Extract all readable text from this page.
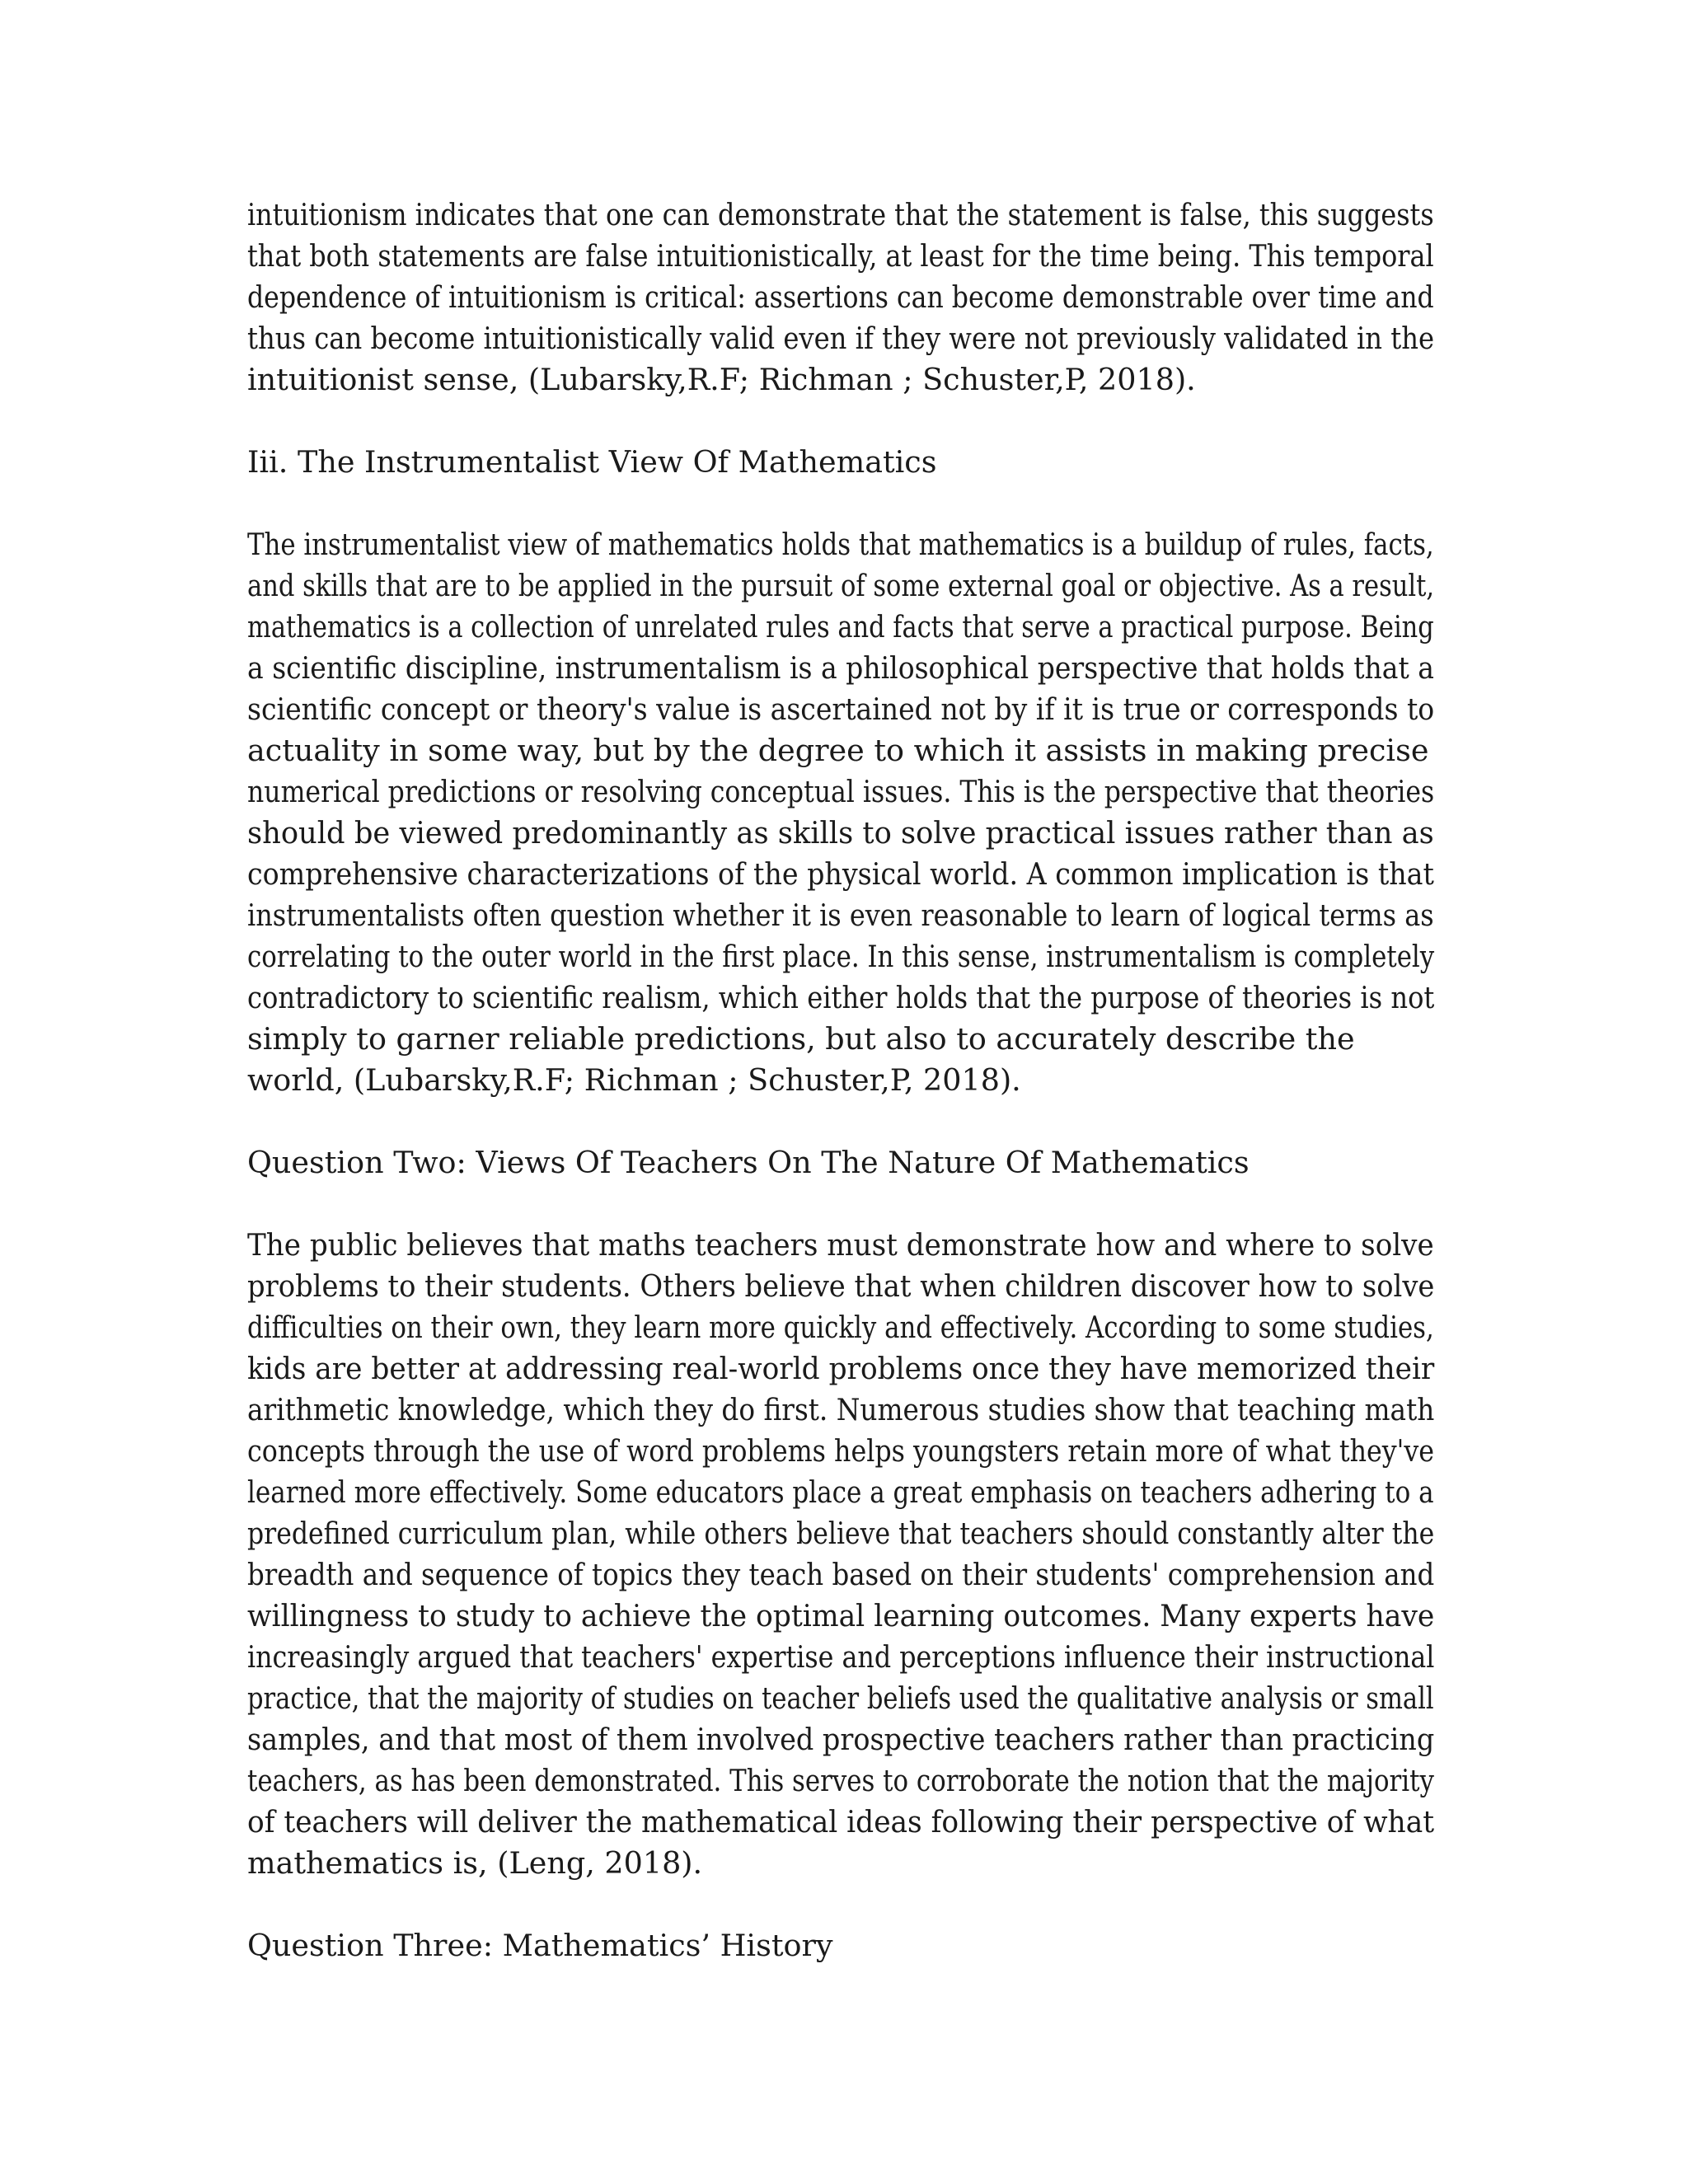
intuitionism indicates that one can demonstrate that the statement is false, this suggeststhat both statements are false intuitionistically, at least for the time being. This temporaldependence of intuitionism is critical: assertions can become demonstrable over time andthus can become intuitionistically valid even if they were not previously validated in the
intuitionist sense, (Lubarsky,R.F; Richman ; Schuster,P, 2018).
Iii. The Instrumentalist View Of Mathematics
The instrumentalist view of mathematics holds that mathematics is a buildup of rules, facts,and skills that are to be applied in the pursuit of some external goal or objective. As a result,mathematics is a collection of unrelated rules and facts that serve a practical purpose. Beinga scientific discipline, instrumentalism is a philosophical perspective that holds that ascientific concept or theory's value is ascertained not by if it is true or corresponds to
actuality in some way, but by the degree to which it assists in making precise
numerical predictions or resolving conceptual issues. This is the perspective that theoriesshould be viewed predominantly as skills to solve practical issues rather than ascomprehensive characterizations of the physical world. A common implication is thatinstrumentalists often question whether it is even reasonable to learn of logical terms ascorrelating to the outer world in the first place. In this sense, instrumentalism is completelycontradictory to scientific realism, which either holds that the purpose of theories is not
simply to garner reliable predictions, but also to accurately describe the
world, (Lubarsky,R.F; Richman ; Schuster,P, 2018).
Question Two: Views Of Teachers On The Nature Of Mathematics
The public believes that maths teachers must demonstrate how and where to solveproblems to their students. Others believe that when children discover how to solvedifficulties on their own, they learn more quickly and effectively. According to some studies,kids are better at addressing real-world problems once they have memorized theirarithmetic knowledge, which they do first. Numerous studies show that teaching mathconcepts through the use of word problems helps youngsters retain more of what they'velearned more effectively. Some educators place a great emphasis on teachers adhering to apredefined curriculum plan, while others believe that teachers should constantly alter thebreadth and sequence of topics they teach based on their students' comprehension andwillingness to study to achieve the optimal learning outcomes. Many experts haveincreasingly argued that teachers' expertise and perceptions influence their instructionalpractice, that the majority of studies on teacher beliefs used the qualitative analysis or smallsamples, and that most of them involved prospective teachers rather than practicingteachers, as has been demonstrated. This serves to corroborate the notion that the majorityof teachers will deliver the mathematical ideas following their perspective of what
mathematics is, (Leng, 2018).
Question Three: Mathematics’ History
